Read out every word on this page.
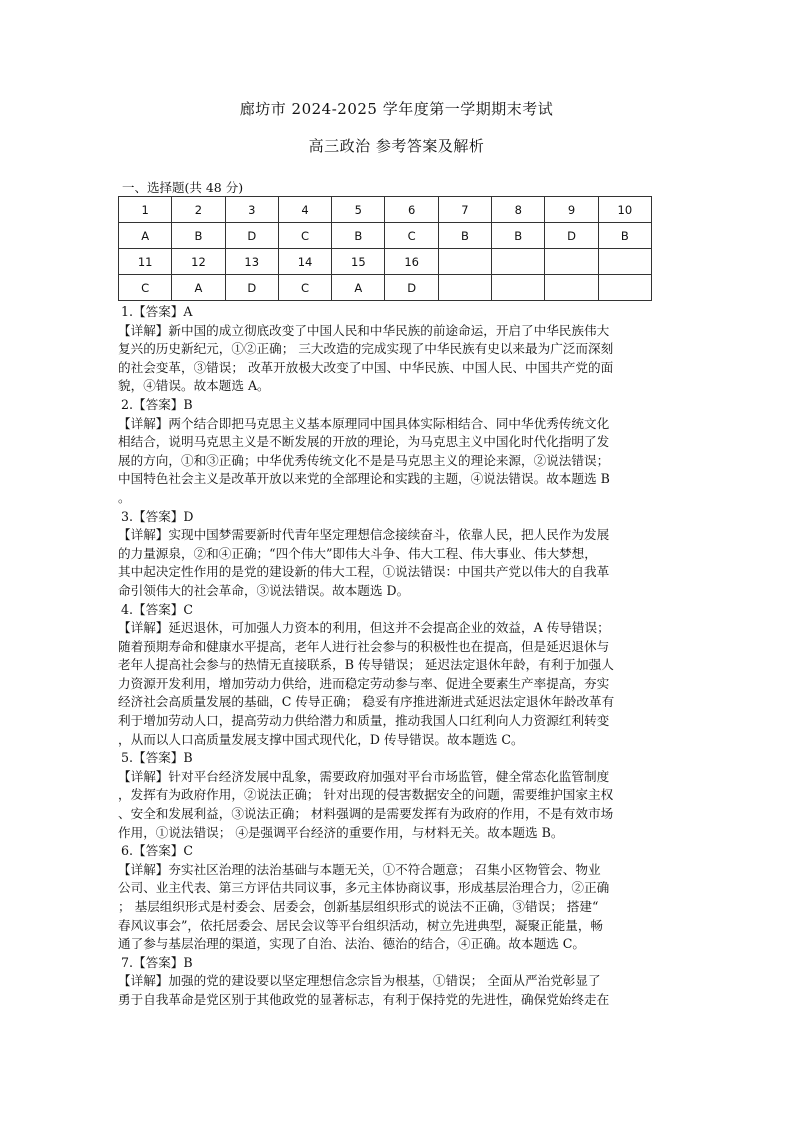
廊坊市 2024-2025 学年度第一学期期末考试
高三政治 参考答案及解析
一、选择题(共 48 分)
1	2	3	4	5	6	7	8	9	10
A	B	D	C	B	C	B	B	D	B
11	12	13	14	15	16				
C	A	D	C	A	D				
1.【答案】A
【详解】新中国的成立彻底改变了中国人民和中华民族的前途命运，开启了中华民族伟大
复兴的历史新纪元，①②正确； 三大改造的完成实现了中华民族有史以来最为广泛而深刻
的社会变革，③错误； 改革开放极大改变了中国、中华民族、中国人民、中国共产党的面
貌，④错误。故本题选 A。
2.【答案】B
【详解】两个结合即把马克思主义基本原理同中国具体实际相结合、同中华优秀传统文化
相结合，说明马克思主义是不断发展的开放的理论，为马克思主义中国化时代化指明了发
展的方向，①和③正确；中华优秀传统文化不是是马克思主义的理论来源，②说法错误；
中国特色社会主义是改革开放以来党的全部理论和实践的主题，④说法错误。故本题选 B
。
3.【答案】D
【详解】实现中国梦需要新时代青年坚定理想信念接续奋斗，依靠人民，把人民作为发展
的力量源泉，②和④正确；“四个伟大”即伟大斗争、伟大工程、伟大事业、伟大梦想，
其中起决定性作用的是党的建设新的伟大工程，①说法错误：中国共产党以伟大的自我革
命引领伟大的社会革命，③说法错误。故本题选 D。
4.【答案】C
【详解】延迟退休，可加强人力资本的利用，但这并不会提高企业的效益，A 传导错误；
随着预期寿命和健康水平提高，老年人进行社会参与的积极性也在提高，但是延迟退休与
老年人提高社会参与的热情无直接联系，B 传导错误； 延迟法定退休年龄，有利于加强人
力资源开发利用，增加劳动力供给，进而稳定劳动参与率、促进全要素生产率提高，夯实
经济社会高质量发展的基础，C 传导正确； 稳妥有序推进渐进式延迟法定退休年龄改革有
利于增加劳动人口，提高劳动力供给潜力和质量，推动我国人口红利向人力资源红利转变
，从而以人口高质量发展支撑中国式现代化，D 传导错误。故本题选 C。
5.【答案】B
【详解】针对平台经济发展中乱象，需要政府加强对平台市场监管，健全常态化监管制度
，发挥有为政府作用，②说法正确； 针对出现的侵害数据安全的问题，需要维护国家主权
、安全和发展利益，③说法正确； 材料强调的是需要发挥有为政府的作用，不是有效市场
作用，①说法错误； ④是强调平台经济的重要作用，与材料无关。故本题选 B。
6.【答案】C
【详解】夯实社区治理的法治基础与本题无关，①不符合题意； 召集小区物管会、物业
公司、业主代表、第三方评估共同议事，多元主体协商议事，形成基层治理合力，②正确
； 基层组织形式是村委会、居委会，创新基层组织形式的说法不正确，③错误； 搭建“
春风议事会”，依托居委会、居民会议等平台组织活动，树立先进典型，凝聚正能量，畅
通了参与基层治理的渠道，实现了自治、法治、德治的结合，④正确。故本题选 C。
7.【答案】B
【详解】加强的党的建设要以坚定理想信念宗旨为根基，①错误； 全面从严治党彰显了
勇于自我革命是党区别于其他政党的显著标志，有利于保持党的先进性，确保党始终走在
